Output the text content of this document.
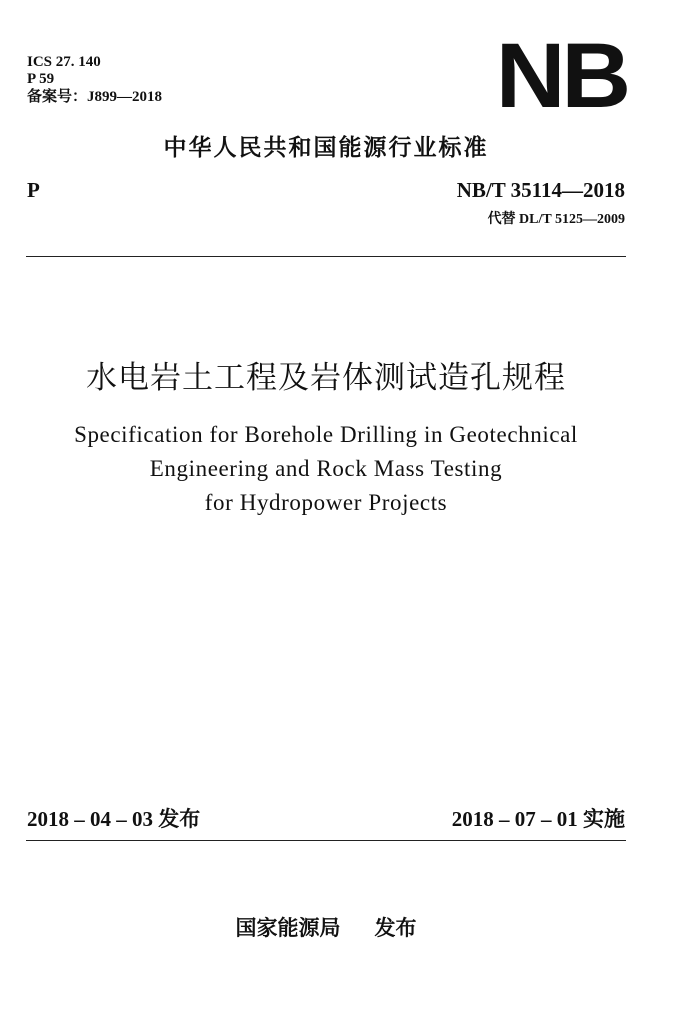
ICS 27. 140
P 59
备案号：J899—2018	NB
中华人民共和国能源行业标准
P	NB/T 35114—2018
代替 DL/T 5125—2009
水电岩土工程及岩体测试造孔规程
Specification for Borehole Drilling in Geotechnical
Engineering and Rock Mass Testing
for Hydropower Projects
2018 – 04 – 03 发布	2018 – 07 – 01 实施
国家能源局 发布
